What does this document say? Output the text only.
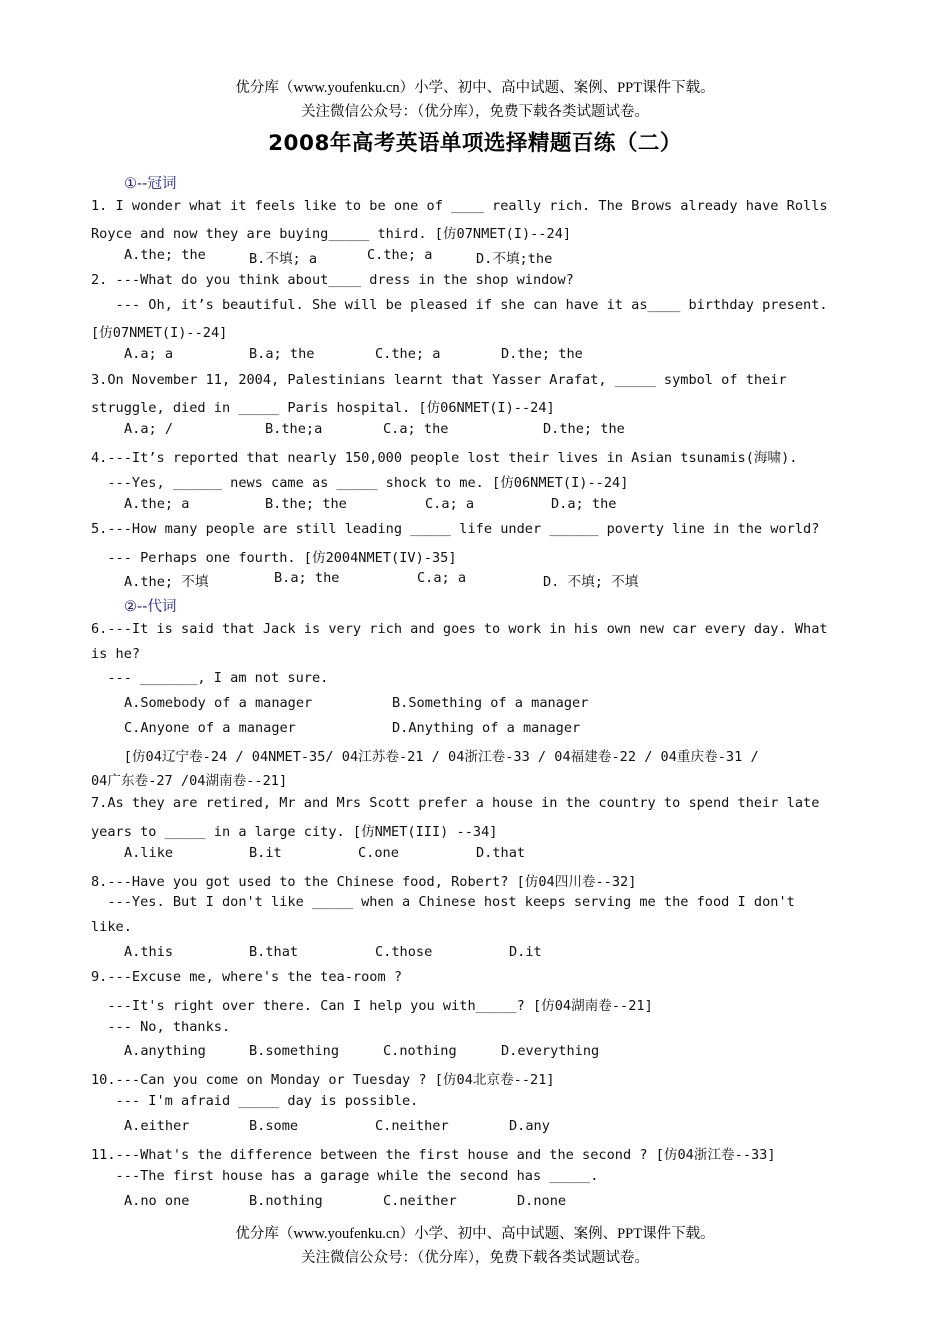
优分库（www.youfenku.cn）小学、初中、高中试题、案例、PPT课件下载。
关注微信公众号：（优分库），免费下载各类试题试卷。
2008年高考英语单项选择精题百练（二）
①--冠词
1. I wonder what it feels like to be one of ____ really rich. The Brows already have Rolls
Royce and now they are buying_____ third. [仿07NMET(I)--24]

A.the; the

	B.不填; a

	C.the; a

	D.不填;the

2. ---What do you think about____ dress in the shop window?
--- Oh, it’s beautiful. She will be pleased if she can have it as____ birthday present.
[仿07NMET(I)--24]

A.a; a

	B.a; the

	C.the; a

	D.the; the

3.On November 11, 2004, Palestinians learnt that Yasser Arafat, _____ symbol of their
struggle, died in _____ Paris hospital. [仿06NMET(I)--24]

A.a; /

	B.the;a

	C.a; the

	D.the; the

4.---It’s reported that nearly 150,000 people lost their lives in Asian tsunamis(海啸).
---Yes, ______ news came as _____ shock to me. [仿06NMET(I)--24]

A.the; a

	B.the; the

	C.a; a

	D.a; the

5.---How many people are still leading _____ life under ______ poverty line in the world?
--- Perhaps one fourth. [仿2004NMET(IV)-35]

A.the; 不填

	B.a; the

	C.a; a

	D. 不填; 不填

②--代词
6.---It is said that Jack is very rich and goes to work in his own new car every day. What
is he?
--- _______, I am not sure.

A.Somebody of a manager

	B.Something of a manager

C.Anyone of a manager

	D.Anything of a manager

[仿04辽宁卷-24 / 04NMET-35/ 04江苏卷-21 / 04浙江卷-33 / 04福建卷-22 / 04重庆卷-31 /
04广东卷-27 /04湖南卷--21]
7.As they are retired, Mr and Mrs Scott prefer a house in the country to spend their late
years to _____ in a large city. [仿NMET(III) --34]

A.like

	B.it

	C.one

	D.that

8.---Have you got used to the Chinese food, Robert? [仿04四川卷--32]
---Yes. But I don't like _____ when a Chinese host keeps serving me the food I don't
like.

A.this

	B.that

	C.those

	D.it

9.---Excuse me, where's the tea-room ?
---It's right over there. Can I help you with_____? [仿04湖南卷--21]
--- No, thanks.

A.anything

	B.something

	C.nothing

	D.everything

10.---Can you come on Monday or Tuesday ? [仿04北京卷--21]
--- I'm afraid _____ day is possible.

A.either

	B.some

	C.neither

	D.any

11.---What's the difference between the first house and the second ? [仿04浙江卷--33]
---The first house has a garage while the second has _____.

A.no one

	B.nothing

	C.neither

	D.none

优分库（www.youfenku.cn）小学、初中、高中试题、案例、PPT课件下载。
关注微信公众号：（优分库），免费下载各类试题试卷。
